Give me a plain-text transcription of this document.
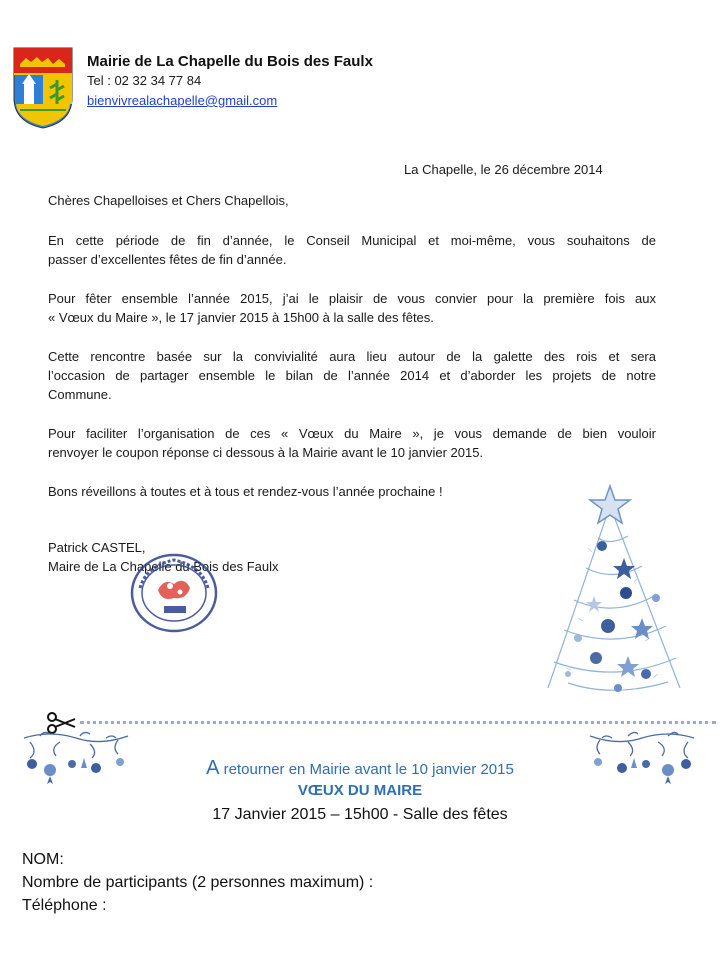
Mairie de La Chapelle du Bois des Faulx
Tel : 02 32 34 77 84
bienvivrealachapelle@gmail.com
La Chapelle, le 26 décembre 2014
Chères Chapelloises et Chers Chapellois,
En cette période de fin d’année, le Conseil Municipal et moi-même, vous souhaitons de
passer d’excellentes fêtes de fin d’année.
Pour fêter ensemble l’année 2015, j’ai le plaisir de vous convier pour la première fois aux
« Vœux du Maire », le 17 janvier 2015 à 15h00 à la salle des fêtes.
Cette rencontre basée sur la convivialité aura lieu autour de la galette des rois et sera
l’occasion de partager ensemble le bilan de l’année 2014 et d’aborder les projets de notre
Commune.
Pour faciliter l’organisation de ces « Vœux du Maire », je vous demande de bien vouloir
renvoyer le coupon réponse ci dessous à la Mairie avant le 10 janvier 2015.
Bons réveillons à toutes et à tous et rendez-vous l’année prochaine !
Patrick CASTEL,
Maire de La Chapelle du Bois des Faulx
A retourner en Mairie avant le 10 janvier 2015
VŒUX DU MAIRE
17 Janvier 2015 – 15h00 - Salle des fêtes
NOM:
Nombre de participants (2 personnes maximum) :
Téléphone :
